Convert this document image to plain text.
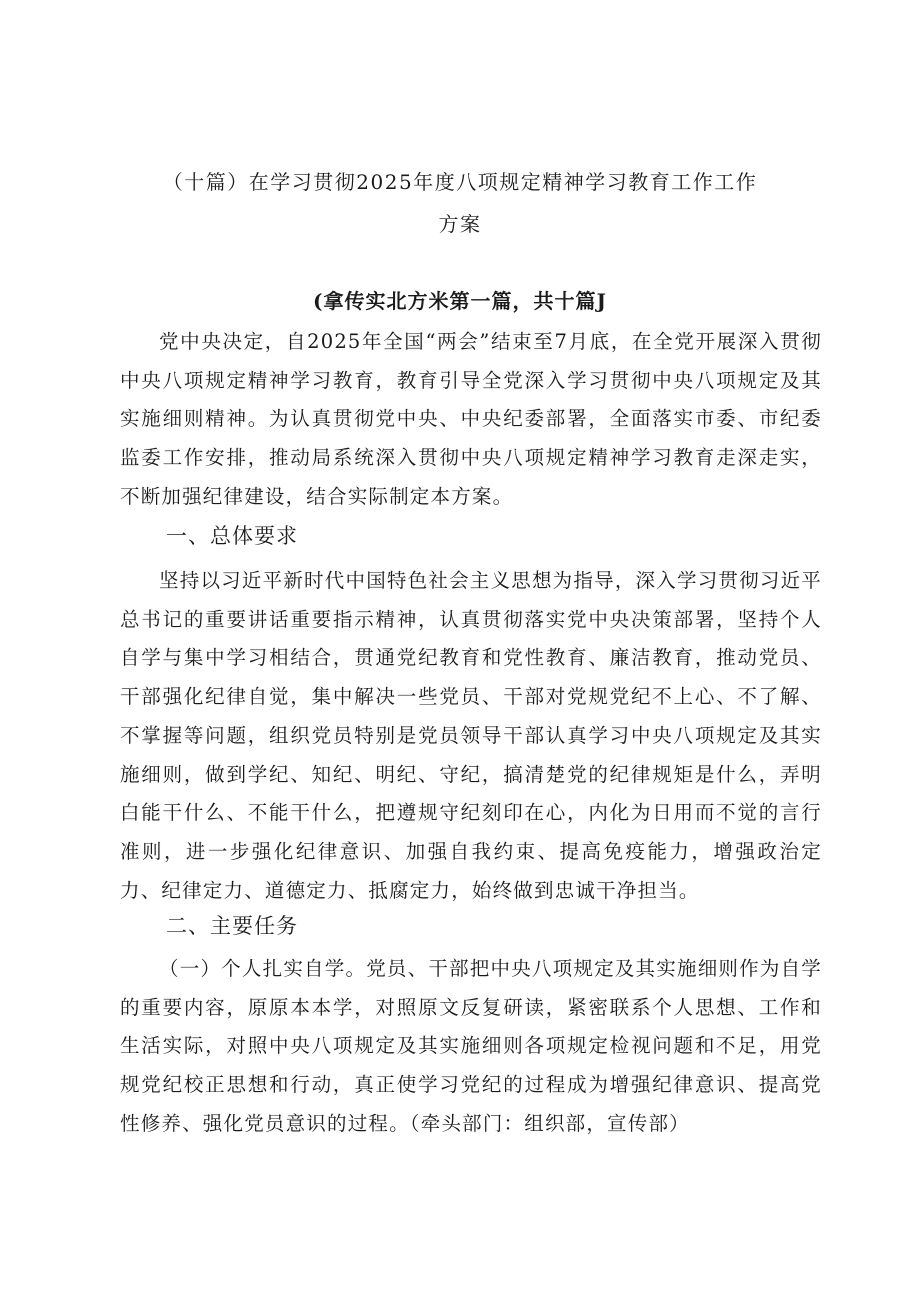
（十篇）在学习贯彻2025年度八项规定精神学习教育工作工作
方案
(拿传实北方米第一篇，共十篇J

党中央决定，自2025年全国“两会”结束至7月底，在全党开展深入贯彻中央八项规定精神学习教育，教育引导全党深入学习贯彻中央八项规定及其实施细则精神。为认真贯彻党中央、中央纪委部署，全面落实市委、市纪委监委工作安排，推动局系统深入贯彻中央八项规定精神学习教育走深走实，不断加强纪律建设，结合实际制定本方案。

一、总体要求

坚持以习近平新时代中国特色社会主义思想为指导，深入学习贯彻习近平总书记的重要讲话重要指示精神，认真贯彻落实党中央决策部署，坚持个人自学与集中学习相结合，贯通党纪教育和党性教育、廉洁教育，推动党员、干部强化纪律自觉，集中解决一些党员、干部对党规党纪不上心、不了解、不掌握等问题，组织党员特别是党员领导干部认真学习中央八项规定及其实施细则，做到学纪、知纪、明纪、守纪，搞清楚党的纪律规矩是什么，弄明白能干什么、不能干什么，把遵规守纪刻印在心，内化为日用而不觉的言行准则，进一步强化纪律意识、加强自我约束、提高免疫能力，增强政治定力、纪律定力、道德定力、抵腐定力，始终做到忠诚干净担当。

二、主要任务

（一）个人扎实自学。党员、干部把中央八项规定及其实施细则作为自学的重要内容，原原本本学，对照原文反复研读，紧密联系个人思想、工作和生活实际，对照中央八项规定及其实施细则各项规定检视问题和不足，用党规党纪校正思想和行动，真正使学习党纪的过程成为增强纪律意识、提高党性修养、强化党员意识的过程。（牵头部门：组织部，宣传部）
